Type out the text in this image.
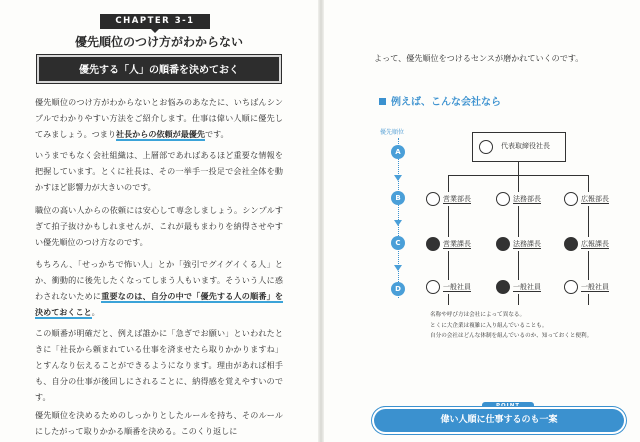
CHAPTER 3-1
優先順位のつけ方がわからない
優先する「人」の順番を決めておく
優先順位のつけ方がわからないとお悩みのあなたに、いちばんシンプルでわかりやすい方法をご紹介します。仕事は偉い人順に優先してみましょう。つまり社長からの依頼が最優先です。
いうまでもなく会社組織は、上層部であればあるほど重要な情報を把握しています。とくに社長は、その一挙手一投足で会社全体を動かすほど影響力が大きいのです。
職位の高い人からの依頼には安心して専念しましょう。シンプルすぎて拍子抜けかもしれませんが、これが最もまわりを納得させやすい優先順位のつけ方なのです。
もちろん、「せっかちで怖い人」とか「強引でグイグイくる人」とか、衝動的に後先したくなってしまう人もいます。そういう人に惑わされないために重要なのは、自分の中で「優先する人の順番」を決めておくこと。
この順番が明確だと、例えば誰かに「急ぎでお願い」といわれたときに「社長から頼まれている仕事を済ませたら取りかかりますね」とすんなり伝えることができるようになります。理由があれば相手も、自分の仕事が後回しにされることに、納得感を覚えやすいのです。
優先順位を決めるためのしっかりとしたルールを持ち、そのルールにしたがって取りかかる順番を決める。このくり返しに
よって、優先順位をつけるセンスが磨かれていくのです。
例えば、こんな会社なら
優先順位
A
B
C
D
代表取締役社長
営業部長	法務部長	広報部長
営業課長	法務課長	広報課長
一般社員	一般社員	一般社員
名称や呼び方は会社によって異なる。
とくに大企業は複雑に入り組んでいることも。
自分の会社はどんな体制を組んでいるのか、知っておくと便利。
POINT
偉い人順に仕事するのも一案
